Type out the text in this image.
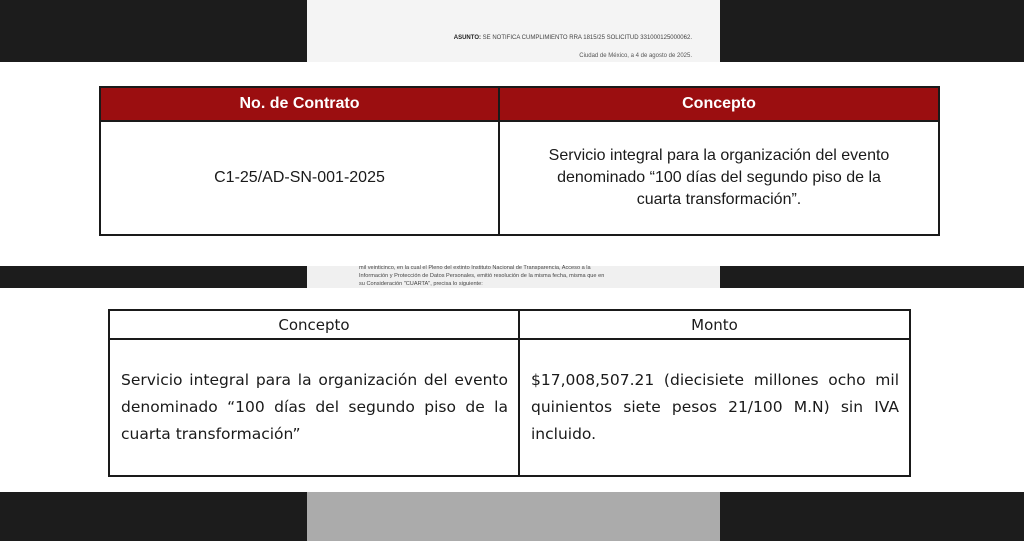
ASUNTO: SE NOTIFICA CUMPLIMIENTO RRA 1815/25 SOLICITUD 331000125000062.
Ciudad de México, a 4 de agosto de 2025.
No. de Contrato	Concepto
C1-25/AD-SN-001-2025	Servicio integral para la organización del evento denominado “100 días del segundo piso de la cuarta transformación”.
mil veinticinco, en la cual el Pleno del extinto Instituto Nacional de Transparencia, Acceso a la
Información y Protección de Datos Personales, emitió resolución de la misma fecha, misma que en
su Consideración "CUARTA", precisa lo siguiente:
Concepto	Monto
Servicio integral para la organización del evento denominado “100 días del segundo piso de la cuarta transformación”	$17,008,507.21 (diecisiete millones ocho mil quinientos siete pesos 21/100 M.N) sin IVA incluido.
